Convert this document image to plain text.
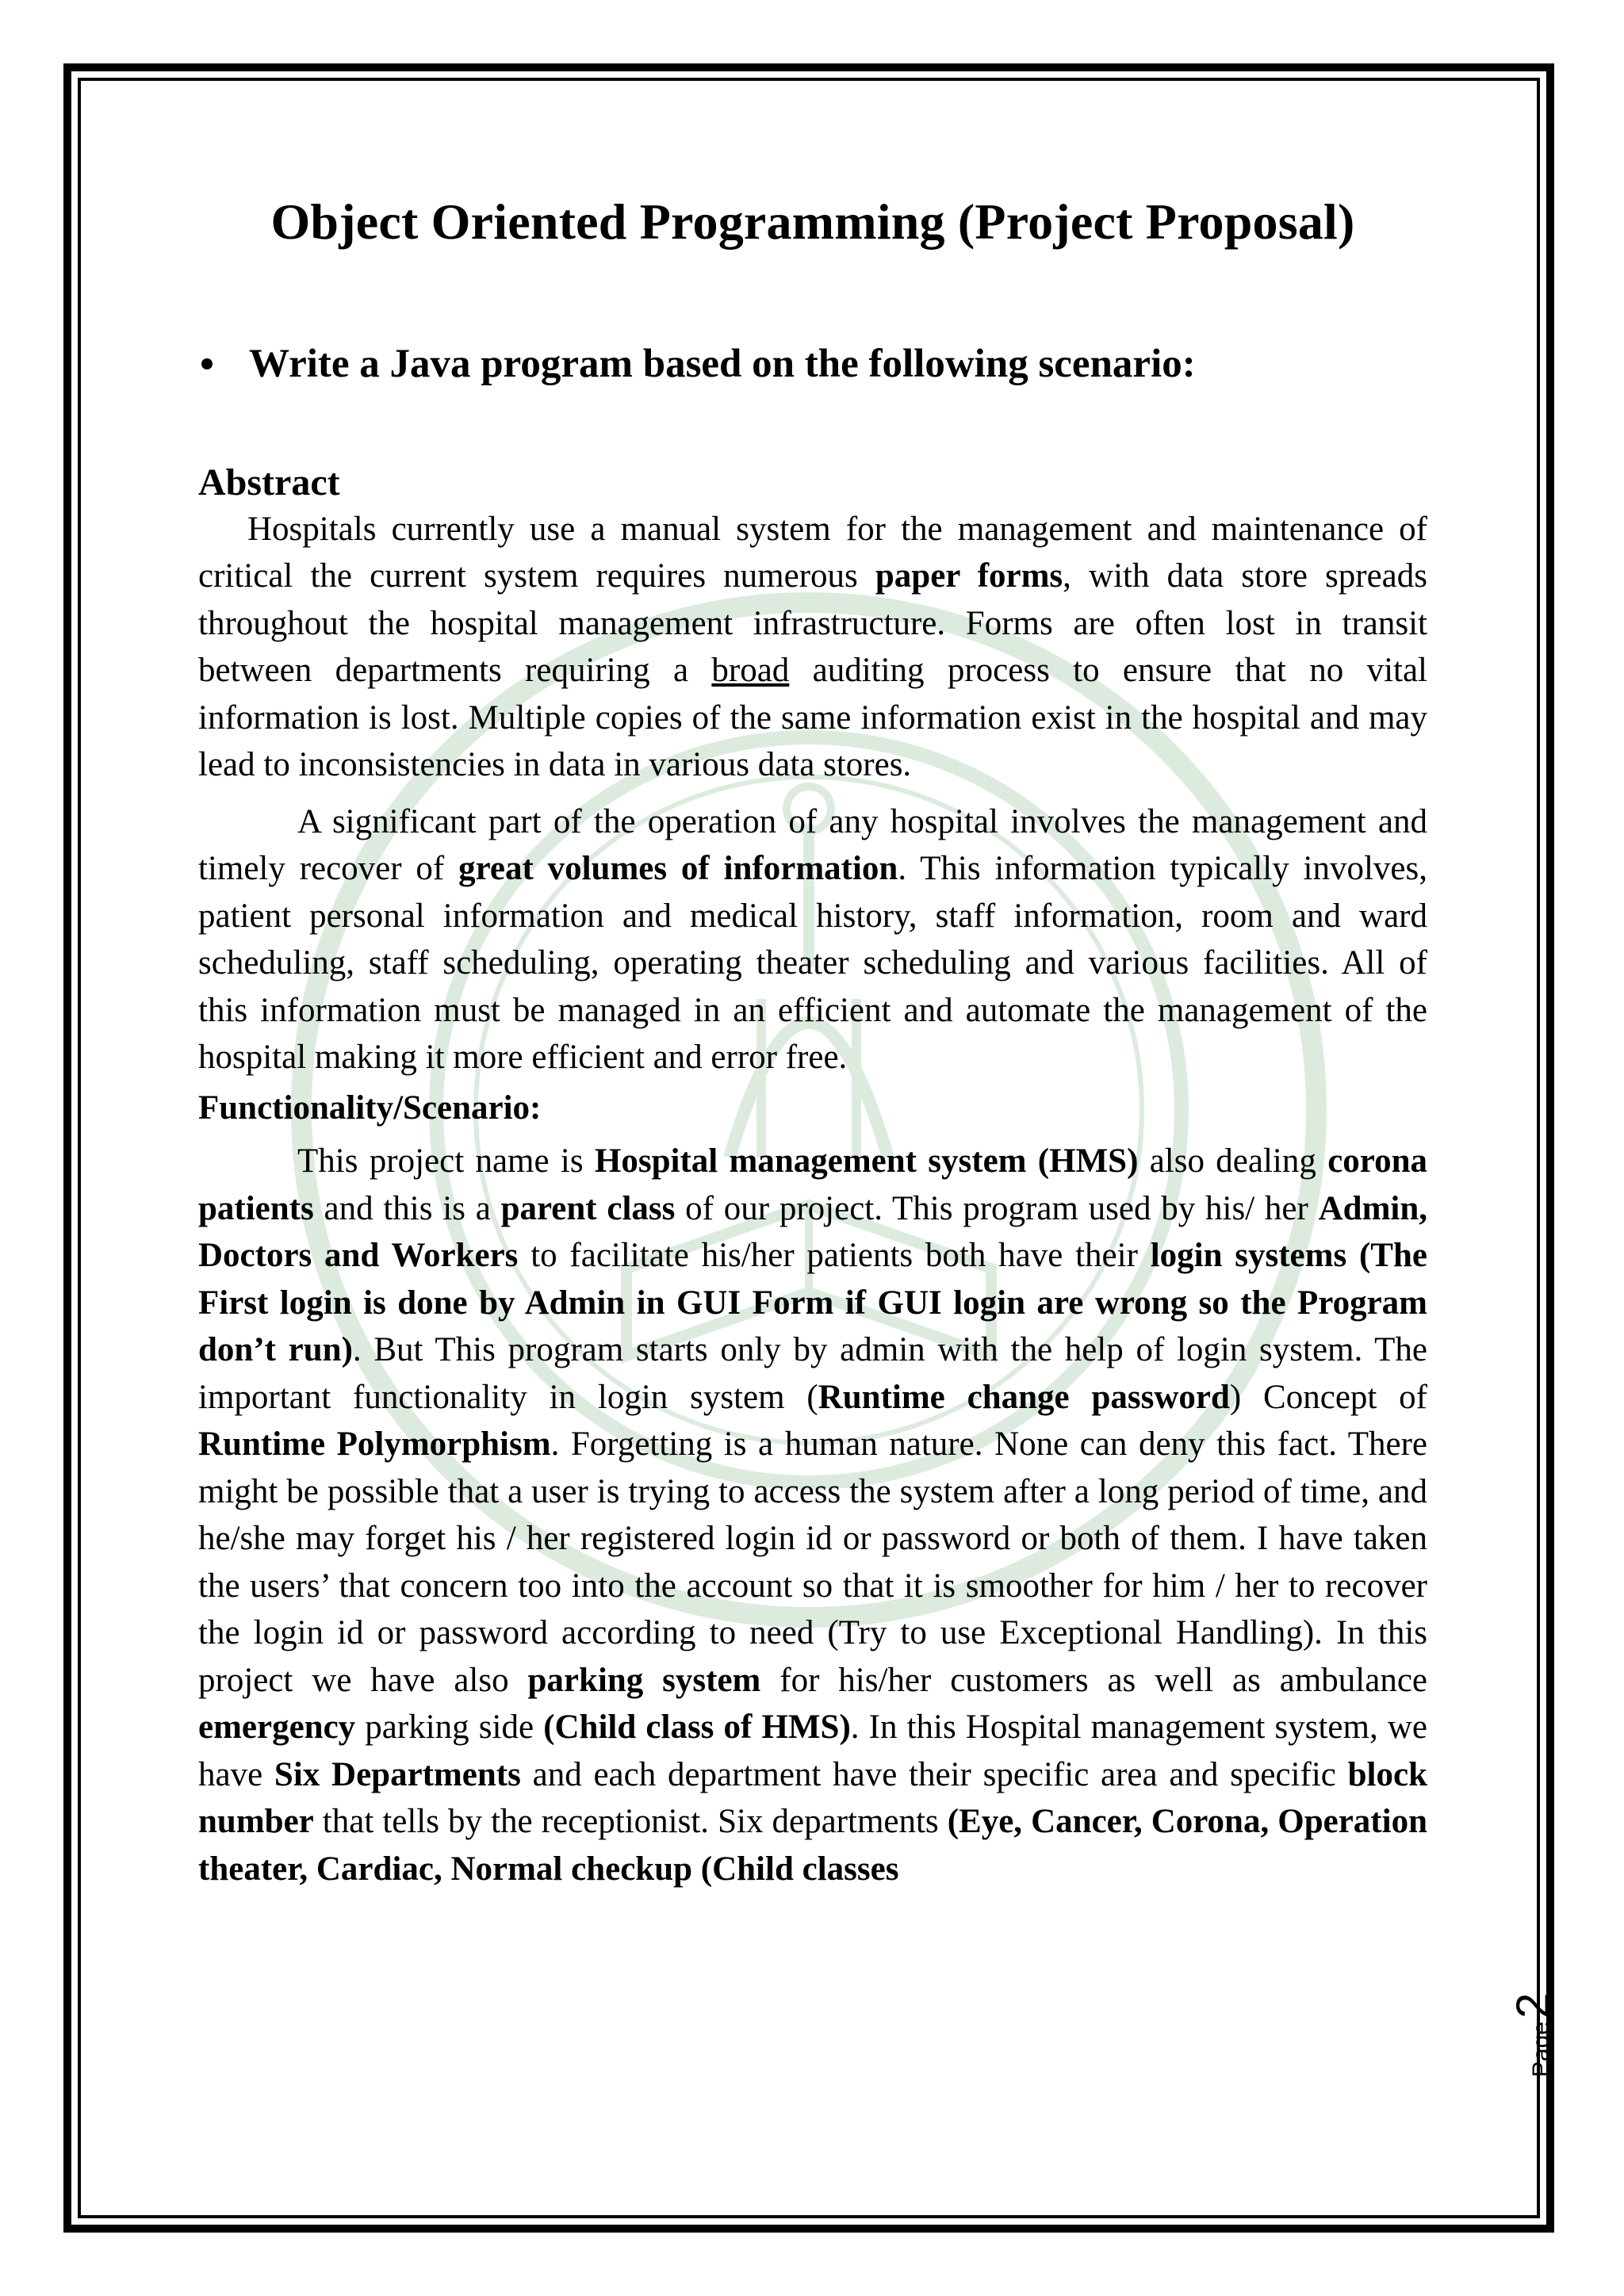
Object Oriented Programming (Project Proposal)
Write a Java program based on the following scenario:
Abstract

Hospitals currently use a manual system for the management and maintenance of critical the current system requires numerous paper forms, with data store spreads throughout the hospital management infrastructure. Forms are often lost in transit between departments requiring a broad auditing process to ensure that no vital information is lost. Multiple copies of the same information exist in the hospital and may lead to inconsistencies in data in various data stores.

A significant part of the operation of any hospital involves the management and timely recover of great volumes of information. This information typically involves, patient personal information and medical history, staff information, room and ward scheduling, staff scheduling, operating theater scheduling and various facilities. All of this information must be managed in an efficient and automate the management of the hospital making it more efficient and error free.

Functionality/Scenario:

This project name is Hospital management system (HMS) also dealing corona patients and this is a parent class of our project. This program used by his/ her Admin, Doctors and Workers to facilitate his/her patients both have their login systems (The First login is done by Admin in GUI Form if GUI login are wrong so the Program don’t run). But This program starts only by admin with the help of login system. The important functionality in login system (Runtime change password) Concept of Runtime Polymorphism. Forgetting is a human nature. None can deny this fact. There might be possible that a user is trying to access the system after a long period of time, and he/she may forget his / her registered login id or password or both of them. I have taken the users’ that concern too into the account so that it is smoother for him / her to recover the login id or password according to need (Try to use Exceptional Handling). In this project we have also parking system for his/her customers as well as ambulance emergency parking side (Child class of HMS). In this Hospital management system, we have Six Departments and each department have their specific area and specific block number that tells by the receptionist. Six departments (Eye, Cancer, Corona, Operation theater, Cardiac, Normal checkup (Child classes

Page2
